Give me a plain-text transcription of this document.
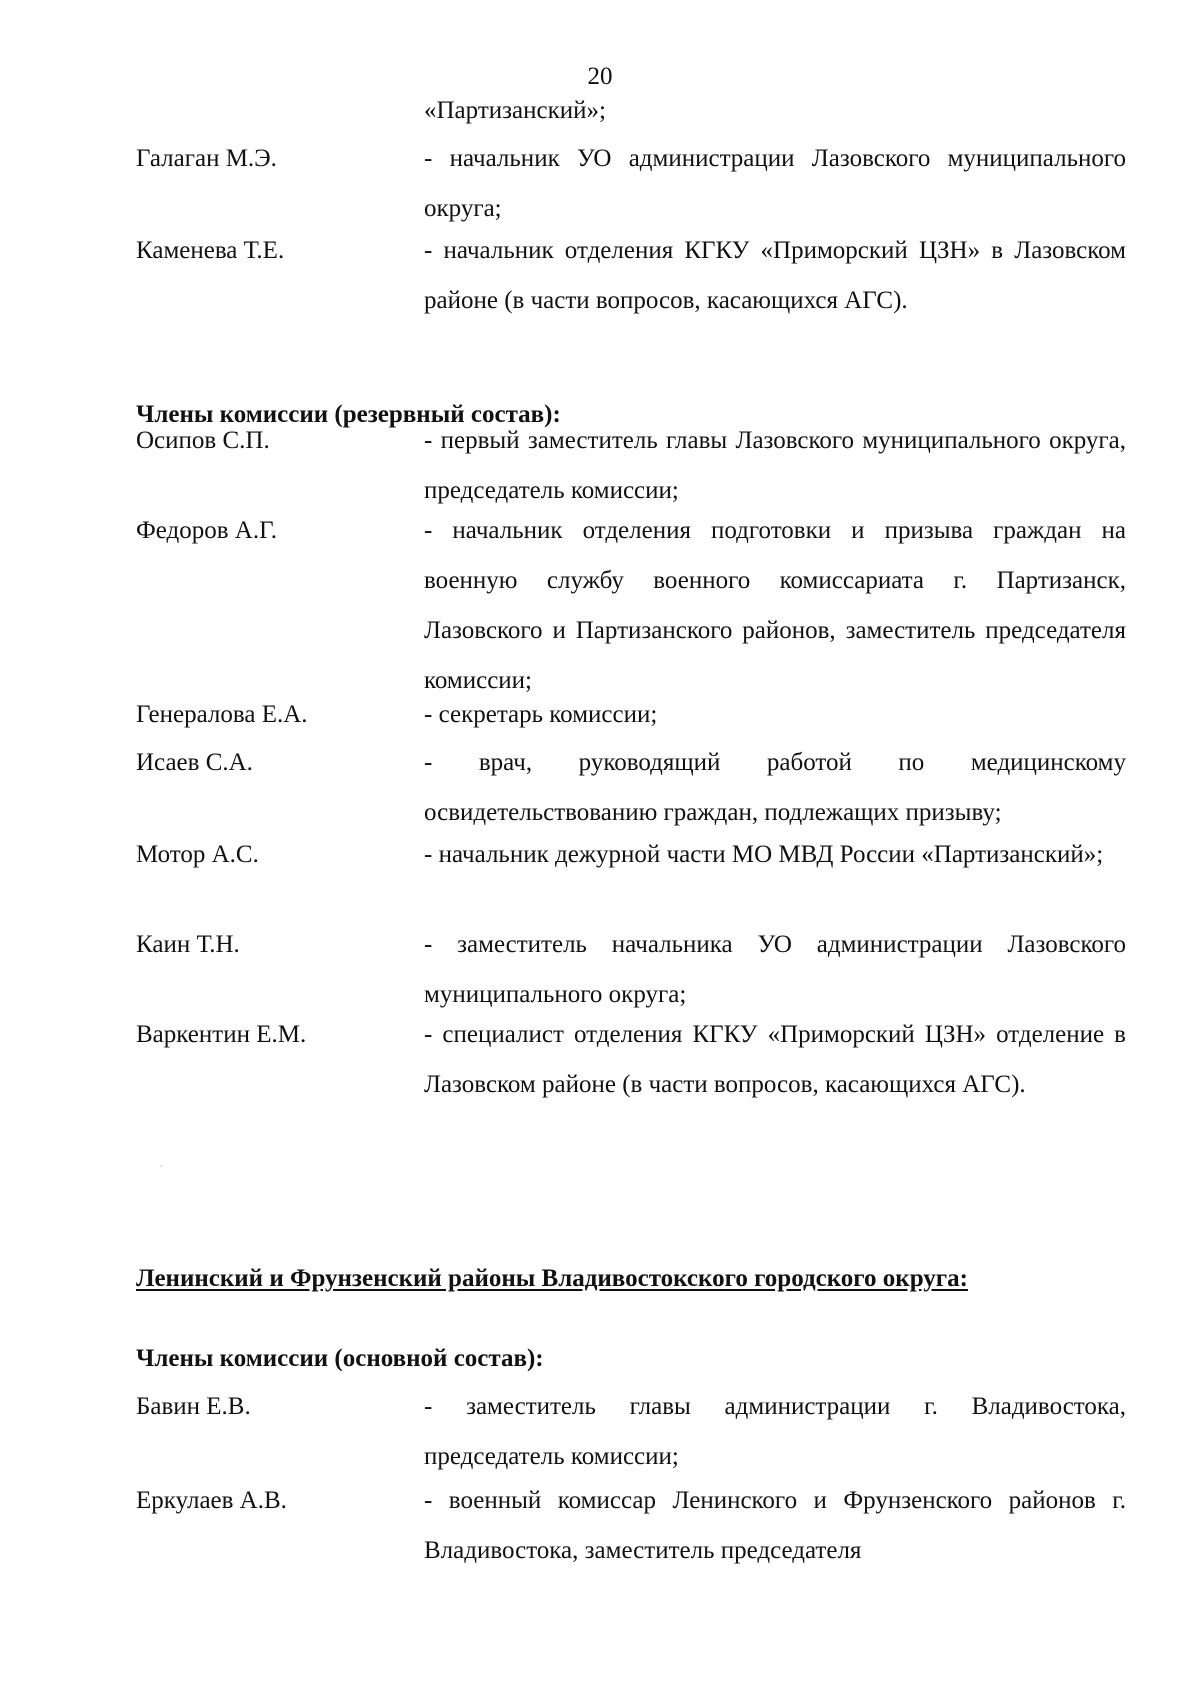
20
«Партизанский»;
Галаган М.Э.	- начальник УО администрации Лазовского муниципального округа;
Каменева Т.Е.	- начальник отделения КГКУ «Приморский ЦЗН» в Лазовском районе (в части вопросов, касающихся АГС).
Члены комиссии (резервный состав):
Осипов С.П.	- первый заместитель главы Лазовского муниципального округа, председатель комиссии;
Федоров А.Г.	- начальник отделения подготовки и призыва граждан на военную службу военного комиссариата г. Партизанск, Лазовского и Партизанского районов, заместитель председателя комиссии;
Генералова Е.А.	- секретарь комиссии;
Исаев С.А.	- врач, руководящий работой по медицинскому освидетельствованию граждан, подлежащих призыву;
Мотор А.С.	- начальник дежурной части МО МВД России «Партизанский»;
Каин Т.Н.	- заместитель начальника УО администрации Лазовского муниципального округа;
Варкентин Е.М.	- специалист отделения КГКУ «Приморский ЦЗН» отделение в Лазовском районе (в части вопросов, касающихся АГС).
Ленинский и Фрунзенский районы Владивостокского городского округа:
Члены комиссии (основной состав):
Бавин Е.В.	- заместитель главы администрации г. Владивостока, председатель комиссии;
Еркулаев А.В.	- военный комиссар Ленинского и Фрунзенского районов г. Владивостока, заместитель председателя
